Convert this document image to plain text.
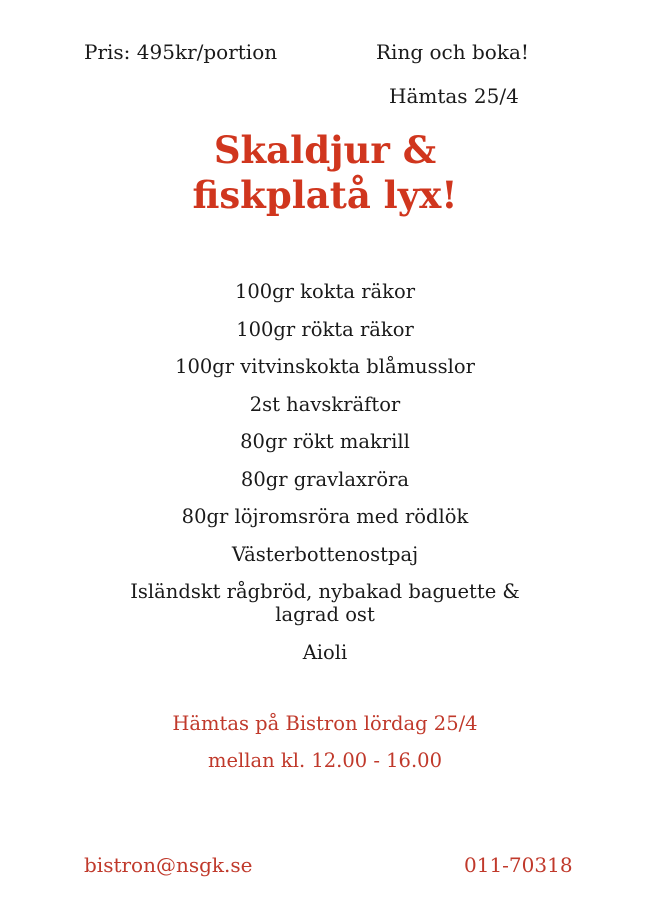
Pris: 495kr/portion	Ring och boka!
Hämtas 25/4
Skaldjur &
fiskplatå lyx!
100gr kokta räkor
100gr rökta räkor
100gr vitvinskokta blåmusslor
2st havskräftor
80gr rökt makrill
80gr gravlaxröra
80gr löjromsröra med rödlök
Västerbottenostpaj
Isländskt rågbröd, nybakad baguette &
lagrad ost
Aioli
Hämtas på Bistron lördag 25/4
mellan kl. 12.00 - 16.00
bistron@nsgk.se	011-70318
